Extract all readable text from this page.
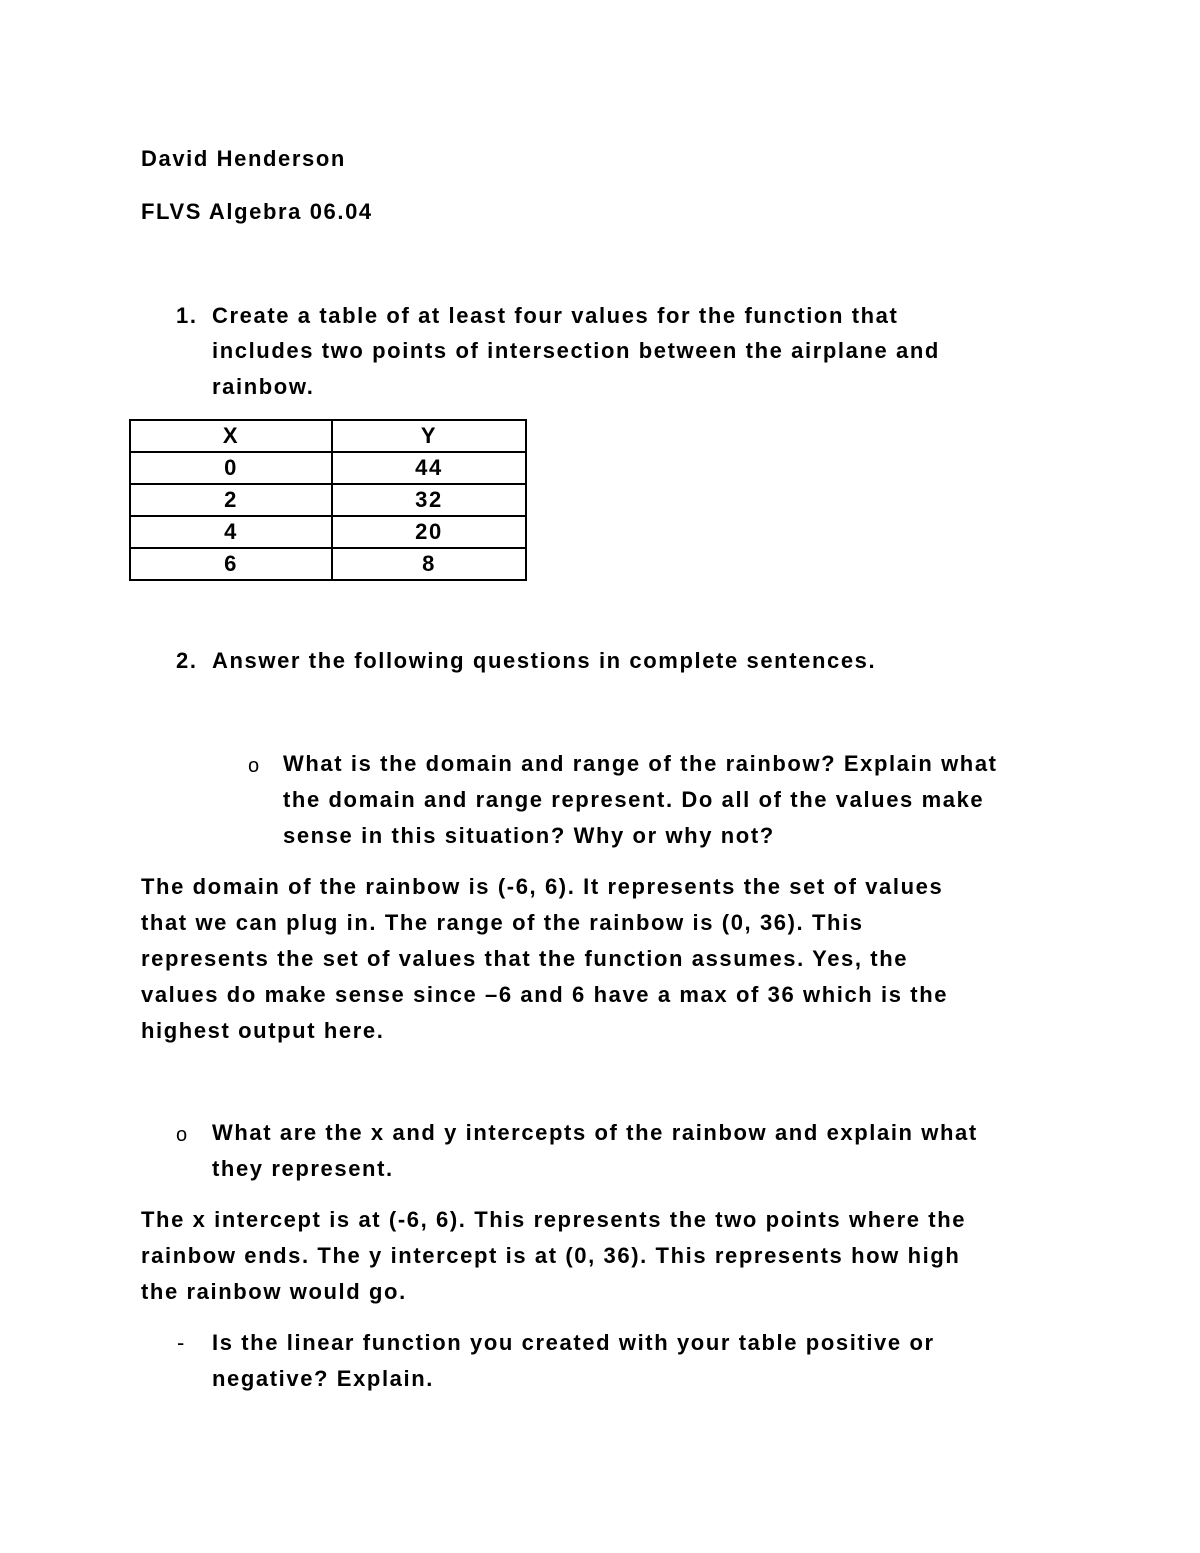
David Henderson
FLVS Algebra 06.04
1. Create a table of at least four values for the function that
includes two points of intersection between the airplane and
rainbow.
X	Y
0	44
2	32
4	20
6	8
2. Answer the following questions in complete sentences.
o What is the domain and range of the rainbow? Explain what
the domain and range represent. Do all of the values make
sense in this situation? Why or why not?
The domain of the rainbow is (-6, 6). It represents the set of values
that we can plug in. The range of the rainbow is (0, 36). This
represents the set of values that the function assumes. Yes, the
values do make sense since –6 and 6 have a max of 36 which is the
highest output here.
o What are the x and y intercepts of the rainbow and explain what
they represent.
The x intercept is at (-6, 6). This represents the two points where the
rainbow ends. The y intercept is at (0, 36). This represents how high
the rainbow would go.
- Is the linear function you created with your table positive or
negative? Explain.
